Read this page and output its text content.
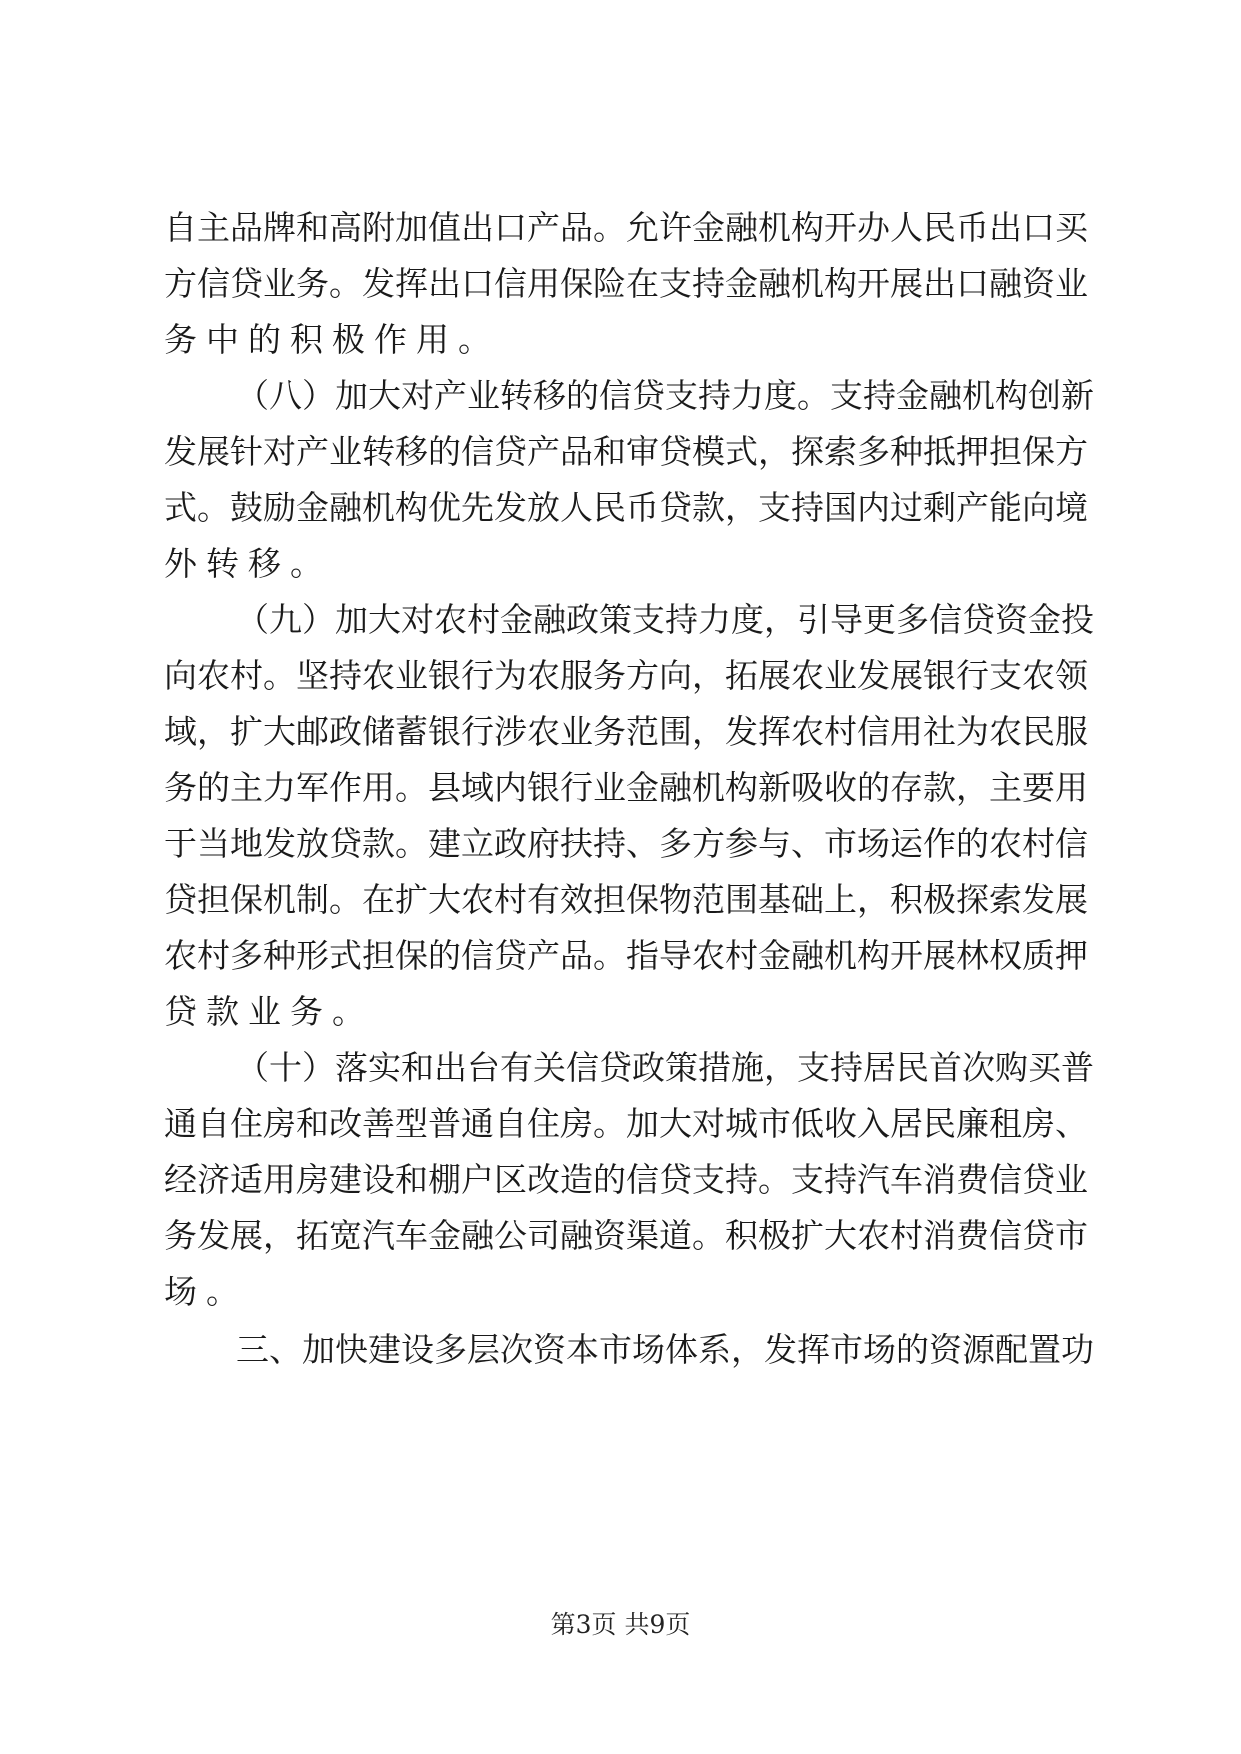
自 主 品 牌 和 高 附 加 值 出 口 产 品 。 允 许 金 融 机 构 开 办 人 民 币 出 口 买
方 信 贷 业 务 。 发 挥 出 口 信 用 保 险 在 支 持 金 融 机 构 开 展 出 口 融 资 业
务 中 的 积 极 作 用 。
（ 八 ） 加 大 对 产 业 转 移 的 信 贷 支 持 力 度 。 支 持 金 融 机 构 创 新
发 展 针 对 产 业 转 移 的 信 贷 产 品 和 审 贷 模 式 ， 探 索 多 种 抵 押 担 保 方
式 。 鼓 励 金 融 机 构 优 先 发 放 人 民 币 贷 款 ， 支 持 国 内 过 剩 产 能 向 境
外 转 移 。
（ 九 ） 加 大 对 农 村 金 融 政 策 支 持 力 度 ， 引 导 更 多 信 贷 资 金 投
向 农 村 。 坚 持 农 业 银 行 为 农 服 务 方 向 ， 拓 展 农 业 发 展 银 行 支 农 领
域 ， 扩 大 邮 政 储 蓄 银 行 涉 农 业 务 范 围 ， 发 挥 农 村 信 用 社 为 农 民 服
务 的 主 力 军 作 用 。 县 域 内 银 行 业 金 融 机 构 新 吸 收 的 存 款 ， 主 要 用
于 当 地 发 放 贷 款 。 建 立 政 府 扶 持 、 多 方 参 与 、 市 场 运 作 的 农 村 信
贷 担 保 机 制 。 在 扩 大 农 村 有 效 担 保 物 范 围 基 础 上 ， 积 极 探 索 发 展
农 村 多 种 形 式 担 保 的 信 贷 产 品 。 指 导 农 村 金 融 机 构 开 展 林 权 质 押
贷 款 业 务 。
（ 十 ） 落 实 和 出 台 有 关 信 贷 政 策 措 施 ， 支 持 居 民 首 次 购 买 普
通 自 住 房 和 改 善 型 普 通 自 住 房 。 加 大 对 城 市 低 收 入 居 民 廉 租 房 、
经 济 适 用 房 建 设 和 棚 户 区 改 造 的 信 贷 支 持 。 支 持 汽 车 消 费 信 贷 业
务 发 展 ， 拓 宽 汽 车 金 融 公 司 融 资 渠 道 。 积 极 扩 大 农 村 消 费 信 贷 市
场 。
三 、 加 快 建 设 多 层 次 资 本 市 场 体 系 ， 发 挥 市 场 的 资 源 配 置 功
第3页 共9页
